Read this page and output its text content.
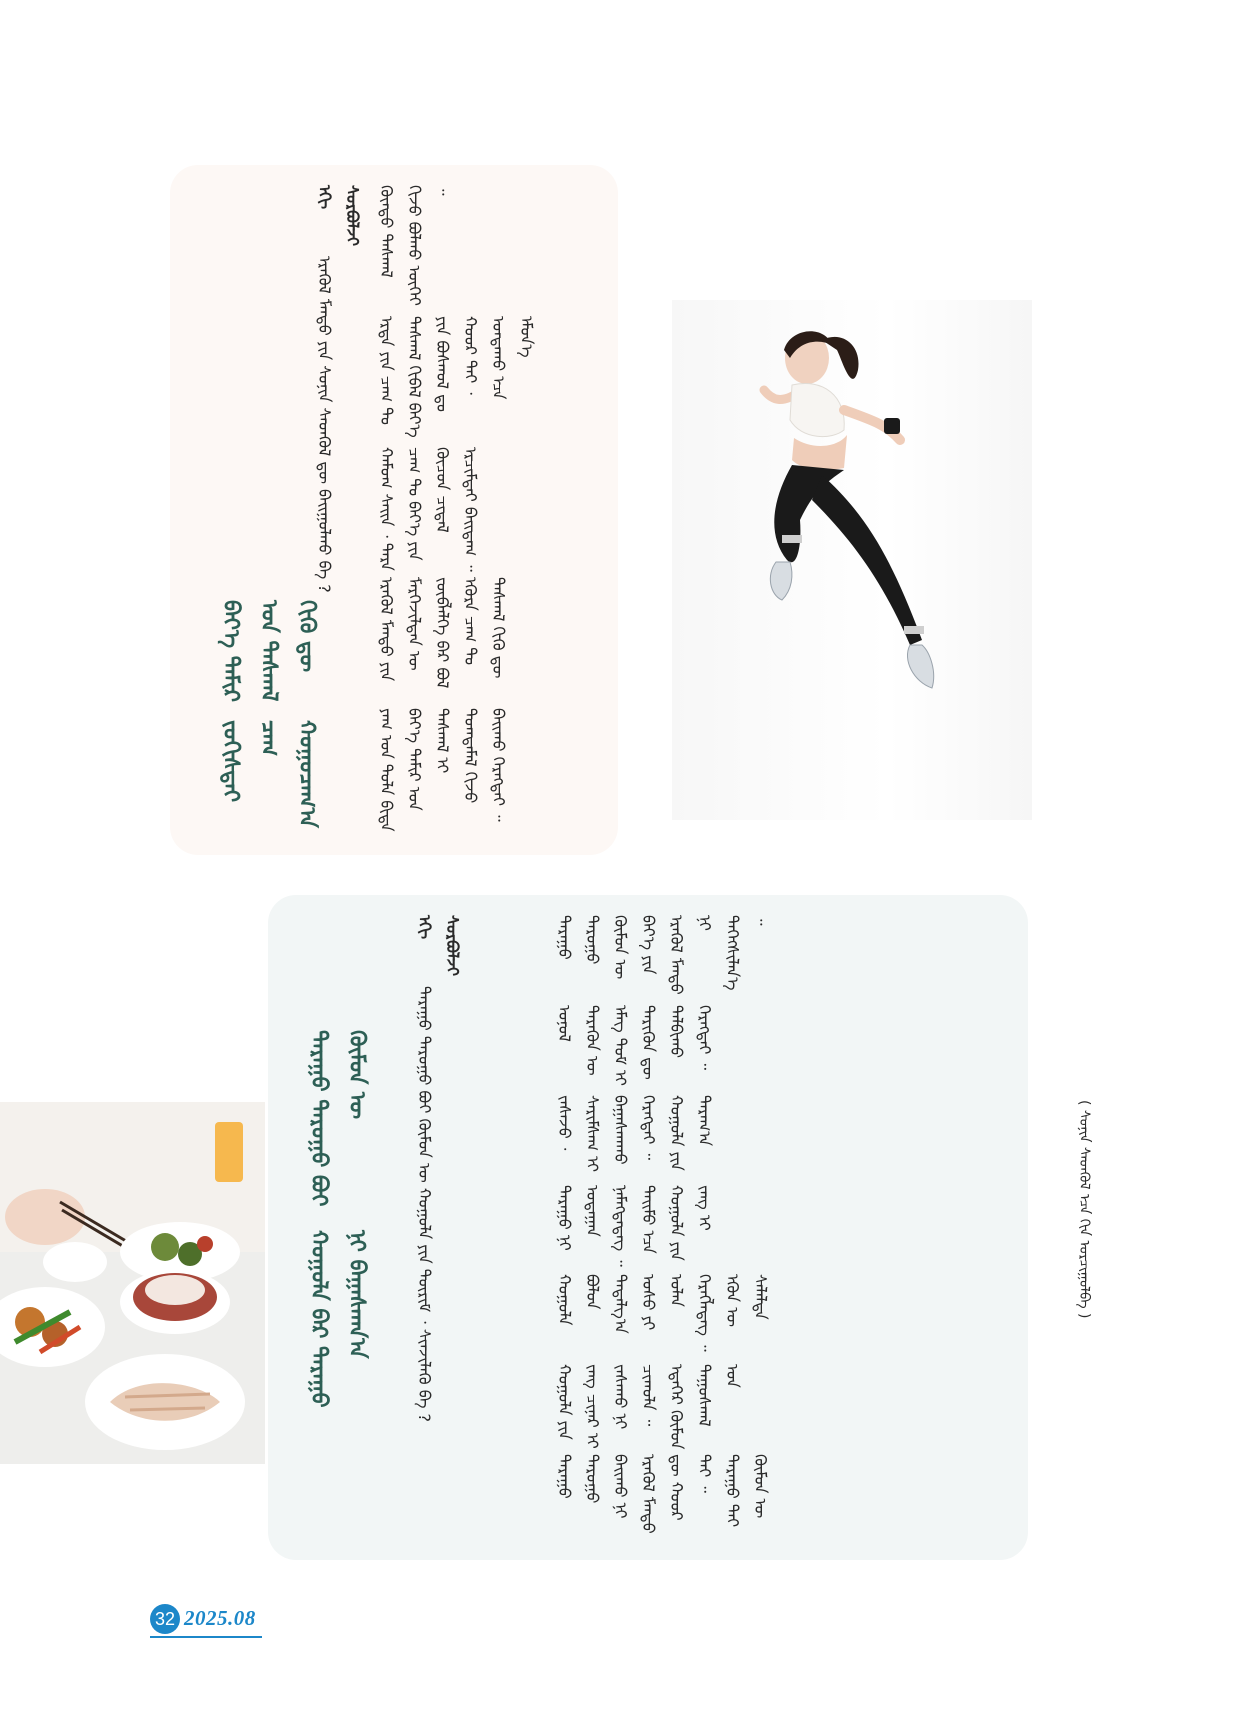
ᠪᠡᠶ᠎ᠡ ᠲᠠᠮᠢᠷ ᠤᠨ ᠳᠠᠰᠬᠠᠯ ᠬᠢᠬᠦ ᠳᠦ
ᠵᠣᠬᠢᠰᠲᠠᠢ ᠴᠠᠭ ᠬᠤᠭᠤᠴᠠᠭ᠎ᠠ
ᠡᠬᠢ ᠰᠤᠷᠪᠤᠯᠵᠢ
ᠡᠷᠡᠭᠦᠯ ᠮᠡᠨᠳᠦ ᠶᠢᠨ ᠰᠣᠨᠢᠨ ᠰᠡᠳᠬᠦᠯ ᠳᠦ ᠪᠠᠢᠭᠤᠯᠬᠤ ᠪᠡ ?
ᠶᠠᠭ ᠤᠨ ᠲᠤᠯᠠ ᠪᠢᠳᠡ ᠪᠡᠶ᠎ᠡ ᠲᠠᠮᠢᠷ ᠤᠨ ᠳᠠᠰᠬᠠᠯ ᠢ ᠲᠣᠭᠲᠠᠮᠠᠯ ᠬᠢᠵᠦ ᠪᠠᠢᠬᠤ ᠬᠡᠷᠡᠭᠲᠡᠢ ᠃
ᠡᠷᠡᠭᠦᠯ ᠮᠡᠨᠳᠦ ᠶᠢᠨ ᠮᠡᠷᠭᠡᠵᠢᠯᠲᠡᠨ ᠦ ᠵᠦᠪᠯᠡᠯᠭᠡ ᠪᠡᠷ ᠪᠣᠯ ᠡᠭᠦᠷᠡ ᠴᠠᠭ ᠲᠤ ᠳᠠᠰᠬᠠᠯ ᠬᠢᠬᠦ ᠳᠦ
ᠬᠠᠮᠤᠭ ᠰᠠᠢᠨ ᠂ ᠲᠡᠷᠡ ᠴᠠᠭ ᠲᠤ ᠪᠡᠶ᠎ᠡ ᠶᠢᠨ ᠬᠦᠴᠦᠨ ᠴᠢᠳᠠᠯ ᠡᠷᠴᠢᠮᠲᠡᠢ ᠪᠠᠢᠳᠠᠭ ᠃
ᠡᠷᠲᠡ ᠶᠢᠨ ᠴᠠᠭ ᠲᠤ ᠳᠠᠰᠬᠠᠯ ᠬᠢᠪᠡᠯ ᠪᠡᠶ᠎ᠡ ᠶᠢᠨ ᠪᠣᠰᠬᠤᠯ ᠳᠤ ᠬᠣᠤᠷ ᠲᠠᠢ ᠂ ᠤᠨᠲᠠᠬᠤ ᠡᠴᠡ ᠡᠮᠦᠨ᠎ᠡ
ᠬᠦᠨᠳᠦ ᠳᠠᠰᠬᠠᠯ ᠬᠢᠵᠦ ᠪᠣᠯᠬᠤ ᠦᠭᠡᠢ ᠃
ᠲᠠᠷᠠᠭᠤ ᠳᠠᠷᠤᠭᠤ ᠪᠤᠢ ᠬᠦᠮᠦᠨ ᠦ
ᠬᠣᠭᠤᠯᠠ ᠪᠠᠷ ᠲᠠᠷᠠᠭᠤ ᠨᠢ ᠪᠠᠭᠠᠰᠬᠠᠨ᠎ᠠ
ᠡᠬᠢ ᠰᠤᠷᠪᠤᠯᠵᠢ
ᠲᠠᠷᠠᠭᠤ ᠳᠠᠷᠤᠭᠤ ᠪᠤᠢ ᠬᠦᠮᠦᠨ ᠦ ᠬᠣᠭᠤᠯᠠ ᠶᠢᠨ ᠳᠦᠷᠢᠮ ᠂ ᠰᠢᠨᠵᠢᠯᠡᠬᠦ ᠪᠡ ?
ᠲᠠᠷᠠᠭᠤ ᠳᠠᠷᠤᠭᠤ ᠪᠠᠢᠬᠤ ᠨᠢ ᠡᠷᠡᠭᠦᠯ ᠮᠡᠨᠳᠦ ᠳᠦ ᠬᠣᠤᠷ ᠲᠠᠢ ᠃ ᠲᠠᠷᠠᠭᠤ ᠲᠠᠢ ᠬᠦᠮᠦᠨ ᠦ
ᠬᠣᠭᠤᠯᠠ ᠶᠢᠨ ᠵᠠᠩ ᠴᠢᠨᠠᠷ ᠢ ᠵᠠᠰᠠᠬᠤ ᠨᠢ ᠴᠢᠬᠤᠯᠠ ᠃ ᠡᠳᠡᠭᠡᠷ ᠬᠦᠮᠦᠨ ᠳᠠᠭᠤᠰᠬᠠᠯ ᠤᠨ
ᠬᠣᠭᠤᠯᠠ ᠪᠣᠯᠤᠨ ᠲᠠᠲᠠᠯᠭ᠎ᠠ ᠤᠰᠤ ᠶᠢ ᠣᠯᠠᠨ ᠬᠡᠷᠡᠭᠯᠡᠳᠡᠭ ᠃ ᠡᠭᠦᠨ ᠦ ᠰᠠᠯᠠᠯᠲᠠ
ᠲᠠᠷᠠᠭᠤ ᠨᠢ ᠤᠳᠠᠭᠠᠨ ᠨᠡᠮᠡᠭᠳᠡᠳᠡᠭ ᠃ ᠲᠡᠢᠮᠦ ᠡᠴᠡ ᠬᠣᠭᠤᠯᠠ ᠶᠢᠨ ᠵᠠᠩ ᠢ
ᠵᠠᠰᠠᠵᠤ ᠂ ᠰᠠᠷᠢᠮᠰᠠᠭ ᠢ ᠪᠠᠭᠠᠰᠬᠠᠬᠤ ᠬᠡᠷᠡᠭᠲᠡᠢ ᠃ ᠬᠣᠭᠤᠯᠠ ᠶᠢᠨ ᠳᠠᠷᠠᠭ᠎ᠠ
ᠣᠨᠤᠯ ᠲᠡᠷᠡᠭᠦᠨ ᠦ ᠡᠮᠡᠭ ᠳᠣᠮ ᠢ ᠲᠡᠷᠢᠭᠦᠨ ᠳᠦ ᠲᠠᠯᠪᠢᠬᠤ ᠬᠡᠷᠡᠭᠲᠡᠢ ᠃
ᠲᠠᠷᠠᠭᠤ ᠳᠠᠷᠤᠭᠤ ᠬᠦᠮᠦᠨ ᠦ ᠪᠡᠶ᠎ᠡ ᠶᠢᠨ ᠡᠷᠡᠭᠦᠯ ᠮᠡᠨᠳᠦ ᠨᠢ ᠳᠡᠭᠡᠭᠰᠢᠯᠡᠨ᠎ᠡ ᠃
( ᠰᠣᠨᠢᠨ ᠰᠡᠳᠬᠦᠯ ᠡᠴᠡ ᠬᠢᠨ ᠣᠷᠴᠢᠭᠤᠯᠪᠠ )
32 2025.08
